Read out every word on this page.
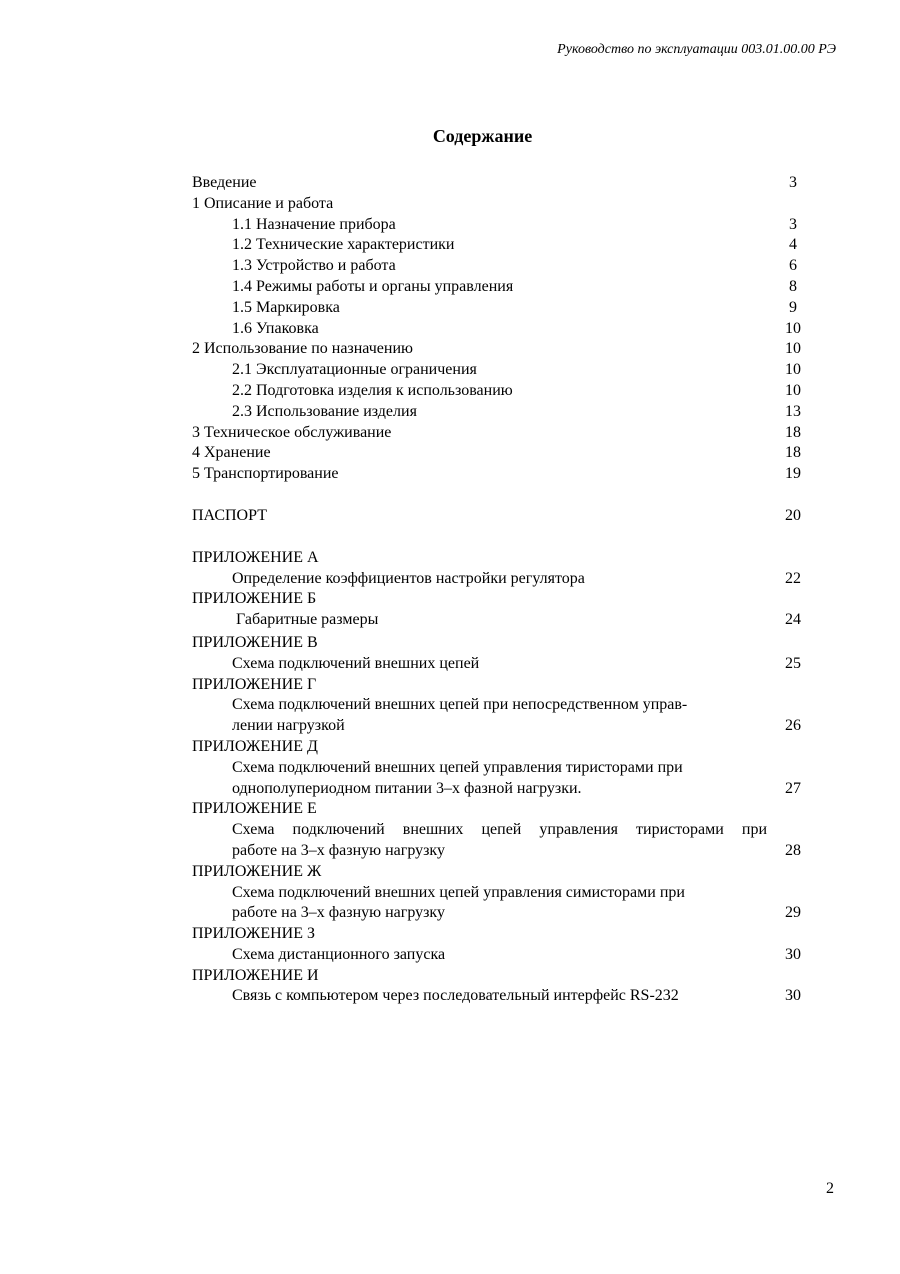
Руководство по эксплуатации 003.01.00.00 РЭ
Содержание
Введение	3
1 Описание и работа
1.1 Назначение прибора	3
1.2 Технические характеристики	4
1.3 Устройство и работа	6
1.4 Режимы работы и органы управления	8
1.5 Маркировка	9
1.6 Упаковка	10
2 Использование по назначению	10
2.1 Эксплуатационные ограничения	10
2.2 Подготовка изделия к использованию	10
2.3 Использование изделия	13
3 Техническое обслуживание	18
4 Хранение	18
5 Транспортирование	19
ПАСПОРТ	20
ПРИЛОЖЕНИЕ А
Определение коэффициентов настройки регулятора	22
ПРИЛОЖЕНИЕ Б
Габаритные размеры	24
ПРИЛОЖЕНИЕ В
Схема подключений внешних цепей	25
ПРИЛОЖЕНИЕ Г
Схема подключений внешних цепей при непосредственном управ-
лении нагрузкой	26
ПРИЛОЖЕНИЕ Д
Схема подключений внешних цепей управления тиристорами при
однополупериодном питании 3–х фазной нагрузки.	27
ПРИЛОЖЕНИЕ Е
Схема подключений внешних цепей управления тиристорами при
работе на 3–х фазную нагрузку	28
ПРИЛОЖЕНИЕ Ж
Схема подключений внешних цепей управления симисторами при
работе на 3–х фазную нагрузку	29
ПРИЛОЖЕНИЕ З
Схема дистанционного запуска	30
ПРИЛОЖЕНИЕ И
Связь с компьютером через последовательный интерфейс RS-232	30
2
